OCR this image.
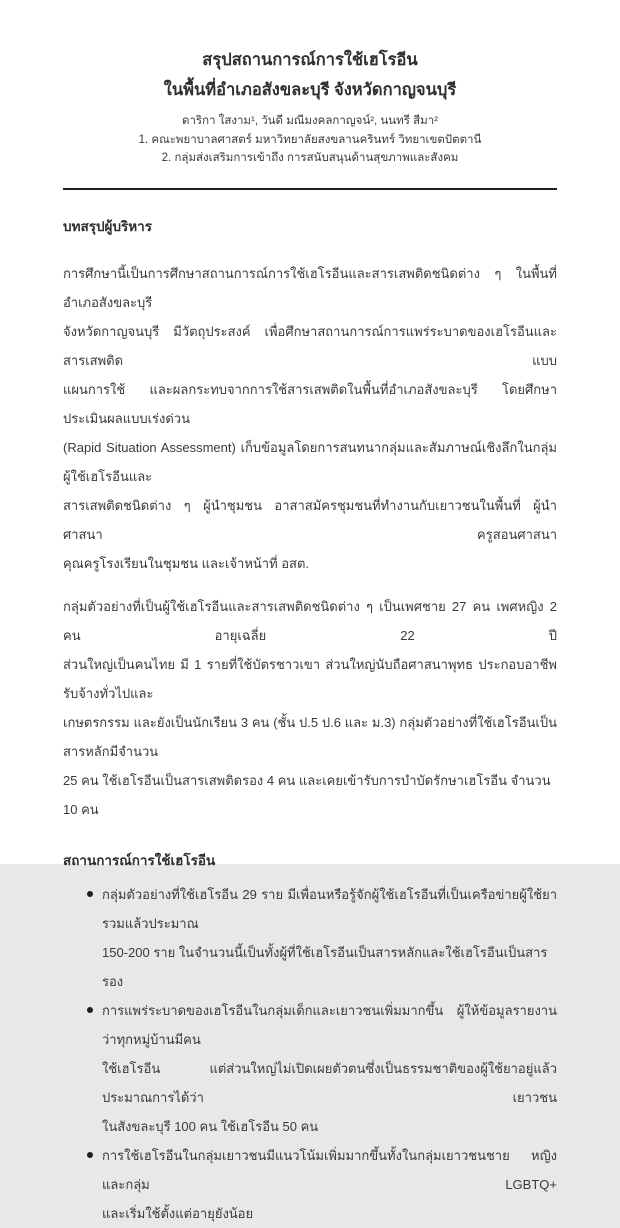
สรุปสถานการณ์การใช้เฮโรอีน
ในพื้นที่อำเภอสังขละบุรี จังหวัดกาญจนบุรี
ดาริกา ใสงาม¹, วันดี มณีมงคลกาญจน์², นนทรี สีมา²
1. คณะพยาบาลศาสตร์ มหาวิทยาลัยสงขลานครินทร์ วิทยาเขตปัตตานี
2. กลุ่มส่งเสริมการเข้าถึง การสนับสนุนด้านสุขภาพและสังคม
บทสรุปผู้บริหาร
การศึกษานี้เป็นการศึกษาสถานการณ์การใช้เฮโรอีนและสารเสพติดชนิดต่าง ๆ ในพื้นที่อำเภอสังขละบุรี
จังหวัดกาญจนบุรี มีวัตถุประสงค์ เพื่อศึกษาสถานการณ์การแพร่ระบาดของเฮโรอีนและสารเสพติด แบบ
แผนการใช้ และผลกระทบจากการใช้สารเสพติดในพื้นที่อำเภอสังขละบุรี โดยศึกษาประเมินผลแบบเร่งด่วน
(Rapid Situation Assessment) เก็บข้อมูลโดยการสนทนากลุ่มและสัมภาษณ์เชิงลึกในกลุ่มผู้ใช้เฮโรอีนและ
สารเสพติดชนิดต่าง ๆ ผู้นำชุมชน อาสาสมัครชุมชนที่ทำงานกับเยาวชนในพื้นที่ ผู้นำศาสนา ครูสอนศาสนา
คุณครูโรงเรียนในชุมชน และเจ้าหน้าที่ อสต.
กลุ่มตัวอย่างที่เป็นผู้ใช้เฮโรอีนและสารเสพติดชนิดต่าง ๆ เป็นเพศชาย 27 คน เพศหญิง 2 คน อายุเฉลี่ย 22 ปี
ส่วนใหญ่เป็นคนไทย มี 1 รายที่ใช้บัตรชาวเขา ส่วนใหญ่นับถือศาสนาพุทธ ประกอบอาชีพรับจ้างทั่วไปและ
เกษตรกรรม และยังเป็นนักเรียน 3 คน (ชั้น ป.5 ป.6 และ ม.3) กลุ่มตัวอย่างที่ใช้เฮโรอีนเป็นสารหลักมีจำนวน
25 คน ใช้เฮโรอีนเป็นสารเสพติดรอง 4 คน และเคยเข้ารับการบำบัดรักษาเฮโรอีน จำนวน 10 คน
สถานการณ์การใช้เฮโรอีน
กลุ่มตัวอย่างที่ใช้เฮโรอีน 29 ราย มีเพื่อนหรือรู้จักผู้ใช้เฮโรอีนที่เป็นเครือข่ายผู้ใช้ยา รวมแล้วประมาณ
150-200 ราย ในจำนวนนี้เป็นทั้งผู้ที่ใช้เฮโรอีนเป็นสารหลักและใช้เฮโรอีนเป็นสารรอง
การแพร่ระบาดของเฮโรอีนในกลุ่มเด็กและเยาวชนเพิ่มมากขึ้น ผู้ให้ข้อมูลรายงานว่าทุกหมู่บ้านมีคน
ใช้เฮโรอีน แต่ส่วนใหญ่ไม่เปิดเผยตัวตนซึ่งเป็นธรรมชาติของผู้ใช้ยาอยู่แล้ว ประมาณการได้ว่า เยาวชน
ในสังขละบุรี 100 คน ใช้เฮโรอีน 50 คน
การใช้เฮโรอีนในกลุ่มเยาวชนมีแนวโน้มเพิ่มมากขึ้นทั้งในกลุ่มเยาวชนชาย หญิง และกลุ่ม LGBTQ+
และเริ่มใช้ตั้งแต่อายุยังน้อย
